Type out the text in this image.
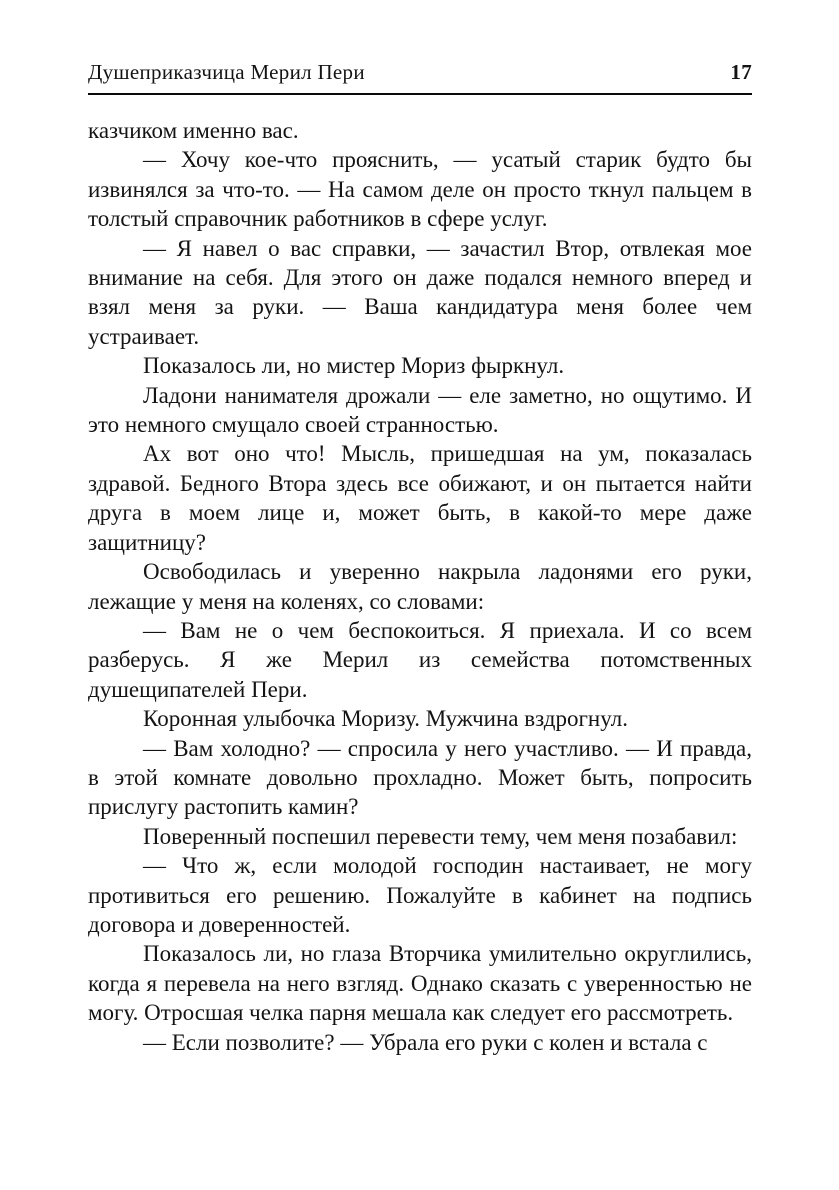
Душеприказчица Мерил Пери	17

казчиком именно вас.

— Хочу кое-что прояснить, — усатый старик будто бы извинялся за что-то. — На самом деле он просто ткнул пальцем в толстый справочник работников в сфере услуг.

— Я навел о вас справки, — зачастил Втор, отвлекая мое внимание на себя. Для этого он даже подался немного вперед и взял меня за руки. — Ваша кандидатура меня более чем устраивает.

Показалось ли, но мистер Мориз фыркнул.

Ладони нанимателя дрожали — еле заметно, но ощутимо. И это немного смущало своей странностью.

Ах вот оно что! Мысль, пришедшая на ум, показалась здравой. Бедного Втора здесь все обижают, и он пытается найти друга в моем лице и, может быть, в какой-то мере даже защитницу?

Освободилась и уверенно накрыла ладонями его руки, лежащие у меня на коленях, со словами:

— Вам не о чем беспокоиться. Я приехала. И со всем разберусь. Я же Мерил из семейства потомственных душещипателей Пери.

Коронная улыбочка Моризу. Мужчина вздрогнул.

— Вам холодно? — спросила у него участливо. — И правда, в этой комнате довольно прохладно. Может быть, попросить прислугу растопить камин?

Поверенный поспешил перевести тему, чем меня позабавил:

— Что ж, если молодой господин настаивает, не могу противиться его решению. Пожалуйте в кабинет на подпись договора и доверенностей.

Показалось ли, но глаза Вторчика умилительно округлились, когда я перевела на него взгляд. Однако сказать с уверенностью не могу. Отросшая челка парня мешала как следует его рассмотреть.

— Если позволите? — Убрала его руки с колен и встала с
